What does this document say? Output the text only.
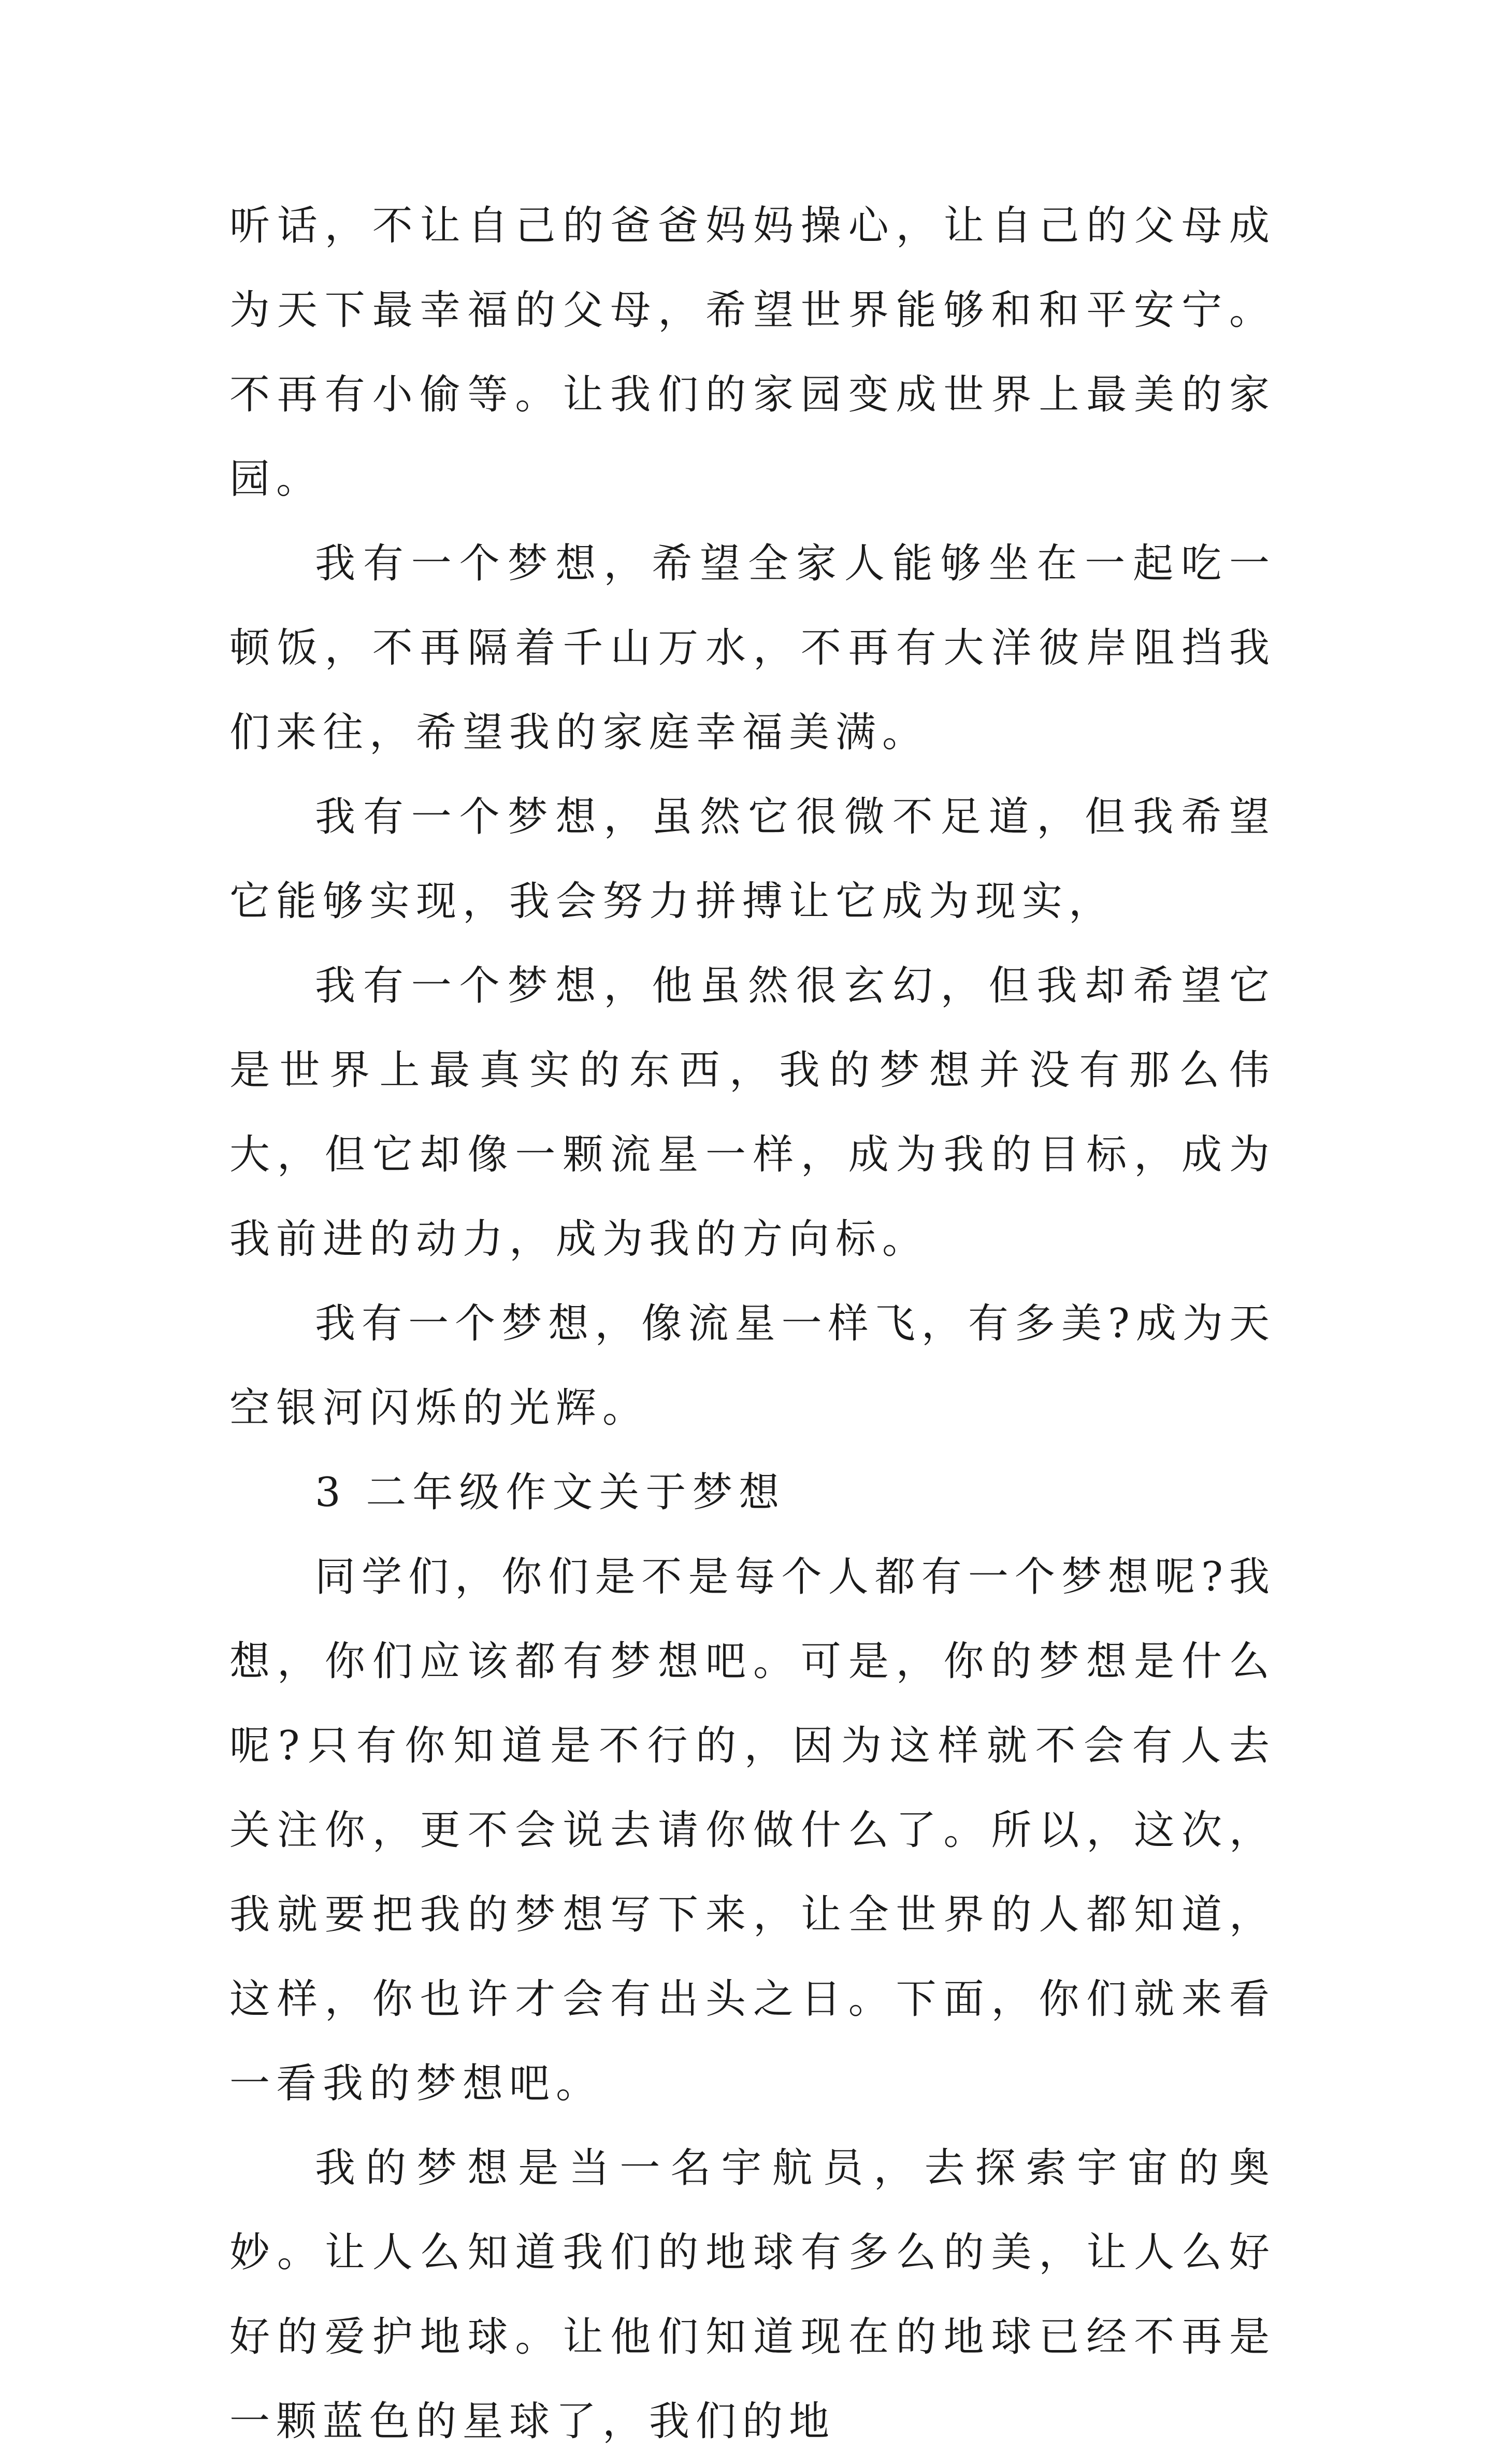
听话，不让自己的爸爸妈妈操心，让自己的父母成为天下最幸福的父母，希望世界能够和和平安宁。不再有小偷等。让我们的家园变成世界上最美的家园。

我有一个梦想，希望全家人能够坐在一起吃一顿饭，不再隔着千山万水，不再有大洋彼岸阻挡我们来往，希望我的家庭幸福美满。

我有一个梦想，虽然它很微不足道，但我希望它能够实现，我会努力拼搏让它成为现实，

我有一个梦想，他虽然很玄幻，但我却希望它是世界上最真实的东西，我的梦想并没有那么伟大，但它却像一颗流星一样，成为我的目标，成为我前进的动力，成为我的方向标。

我有一个梦想，像流星一样飞，有多美?成为天空银河闪烁的光辉。

3 二年级作文关于梦想

同学们，你们是不是每个人都有一个梦想呢?我想，你们应该都有梦想吧。可是，你的梦想是什么呢?只有你知道是不行的，因为这样就不会有人去关注你，更不会说去请你做什么了。所以，这次，我就要把我的梦想写下来，让全世界的人都知道，这样，你也许才会有出头之日。下面，你们就来看一看我的梦想吧。

我的梦想是当一名宇航员，去探索宇宙的奥妙。让人么知道我们的地球有多么的美，让人么好好的爱护地球。让他们知道现在的地球已经不再是一颗蓝色的星球了，我们的地
